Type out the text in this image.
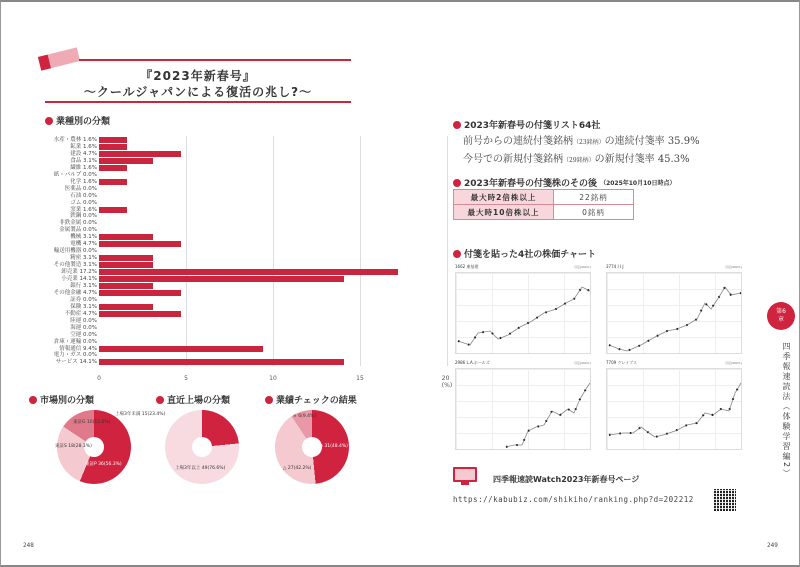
『2023年新春号』
～クールジャパンによる復活の兆し?～
業種別の分類
水産・農林 1.6%
鉱業 1.6%
建設 4.7%
食品 3.1%
繊維 1.6%
紙・パルプ 0.0%
化学 1.6%
医薬品 0.0%
石油 0.0%
ゴム 0.0%
窯業 1.6%
鉄鋼 0.0%
非鉄金属 0.0%
金属製品 0.0%
機械 3.1%
電機 4.7%
輸送用機器 0.0%
精密 3.1%
その他製造 3.1%
卸売業 17.2%
小売業 14.1%
銀行 3.1%
その他金融 4.7%
証券 0.0%
保険 3.1%
不動産 4.7%
陸運 0.0%
海運 0.0%
空運 0.0%
倉庫・運輸 0.0%
情報通信 9.4%
電力・ガス 0.0%
サービス 14.1%
0	5	10	15	20 (%)
市場別の分類
東証G 10(15.6%)
東証S 18(28.1%)
東証P 36(56.3%)
直近上場の分類
上場3年未満 15(23.4%)
上場3年以上 49(76.6%)
業績チェックの結果
× 6(9.4%)
○ 31(48.4%)
△ 27(42.2%)
248
2023年新春号の付箋リスト64社
前号からの連続付箋銘柄（23銘柄）の連続付箋率 35.9%
今号での新規付箋銘柄（29銘柄）の新規付箋率 45.3%
2023年新春号の付箋株のその後 （2025年10月10日時点）
最大時2倍株以上	22銘柄
最大時10倍株以上	0銘柄
付箋を貼った4社の株価チャート
1662 東基建	月足(2023-)	3774 I I J	月足(2023-)
2986 L.A.ホールズ	月足(2023-)	7709 クレイブス	月足(2023-)
四季報速読Watch2023年新春号ページ
https://kabubiz.com/shikiho/ranking.php?d=202212
第6
章
四季報速読法（体験学習編2）
249
